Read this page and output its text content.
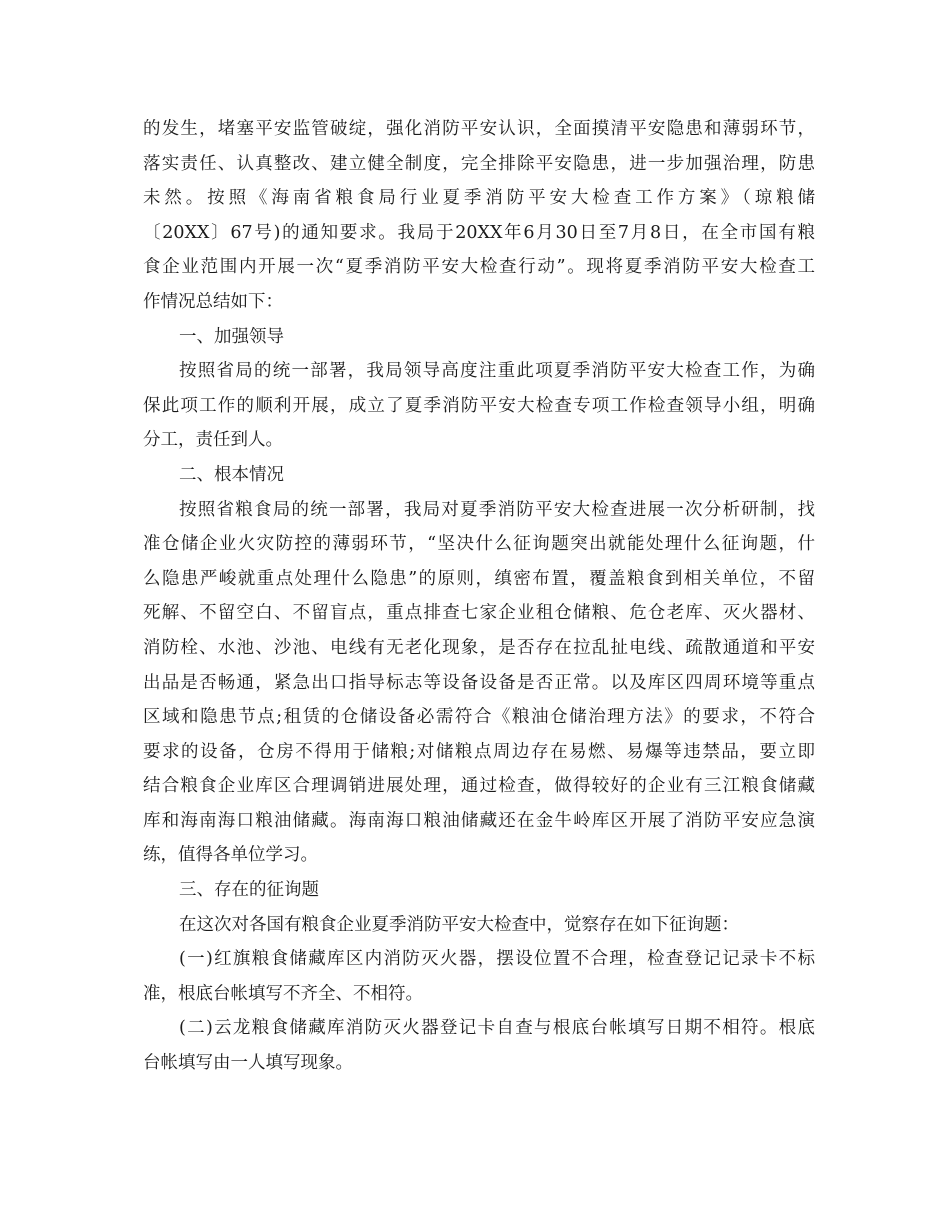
的发生，堵塞平安监管破绽，强化消防平安认识，全面摸清平安隐患和薄弱环节，
落实责任、认真整改、建立健全制度，完全排除平安隐患，进一步加强治理，防患
未然。按照《海南省粮食局行业夏季消防平安大检查工作方案》（琼粮储
〔20XX〕67号)的通知要求。我局于20XX年6月30日至7月8日，在全市国有粮
食企业范围内开展一次“夏季消防平安大检查行动”。现将夏季消防平安大检查工
作情况总结如下：
一、加强领导
按照省局的统一部署，我局领导高度注重此项夏季消防平安大检查工作，为确
保此项工作的顺利开展，成立了夏季消防平安大检查专项工作检查领导小组，明确
分工，责任到人。
二、根本情况
按照省粮食局的统一部署，我局对夏季消防平安大检查进展一次分析研制，找
准仓储企业火灾防控的薄弱环节，“坚决什么征询题突出就能处理什么征询题，什
么隐患严峻就重点处理什么隐患”的原则，缜密布置，覆盖粮食到相关单位，不留
死解、不留空白、不留盲点，重点排查七家企业租仓储粮、危仓老库、灭火器材、
消防栓、水池、沙池、电线有无老化现象，是否存在拉乱扯电线、疏散通道和平安
出品是否畅通，紧急出口指导标志等设备设备是否正常。以及库区四周环境等重点
区域和隐患节点;租赁的仓储设备必需符合《粮油仓储治理方法》的要求，不符合
要求的设备，仓房不得用于储粮;对储粮点周边存在易燃、易爆等违禁品，要立即
结合粮食企业库区合理调销进展处理，通过检查，做得较好的企业有三江粮食储藏
库和海南海口粮油储藏。海南海口粮油储藏还在金牛岭库区开展了消防平安应急演
练，值得各单位学习。
三、存在的征询题
在这次对各国有粮食企业夏季消防平安大检查中，觉察存在如下征询题：
(一)红旗粮食储藏库区内消防灭火器，摆设位置不合理，检查登记记录卡不标
准，根底台帐填写不齐全、不相符。
(二)云龙粮食储藏库消防灭火器登记卡自查与根底台帐填写日期不相符。根底
台帐填写由一人填写现象。
